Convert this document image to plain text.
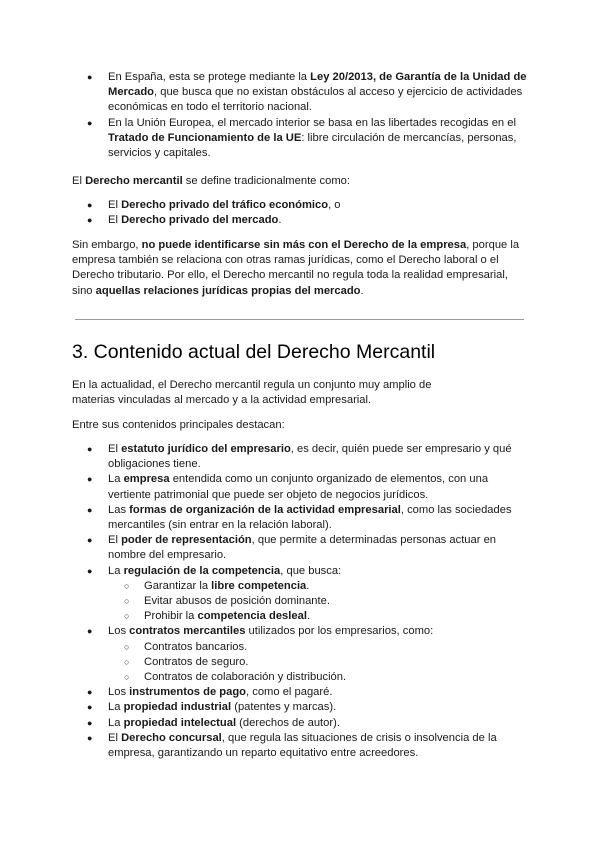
● En España, esta se protege mediante la Ley 20/2013, de Garantía de la Unidad de Mercado, que busca que no existan obstáculos al acceso y ejercicio de actividades económicas en todo el territorio nacional.
● En la Unión Europea, el mercado interior se basa en las libertades recogidas en el Tratado de Funcionamiento de la UE: libre circulación de mercancías, personas, servicios y capitales.

El Derecho mercantil se define tradicionalmente como:

● El Derecho privado del tráfico económico, o
● El Derecho privado del mercado.

Sin embargo, no puede identificarse sin más con el Derecho de la empresa, porque la empresa también se relaciona con otras ramas jurídicas, como el Derecho laboral o el Derecho tributario. Por ello, el Derecho mercantil no regula toda la realidad empresarial, sino aquellas relaciones jurídicas propias del mercado.

3. Contenido actual del Derecho Mercantil

En la actualidad, el Derecho mercantil regula un conjunto muy amplio de materias vinculadas al mercado y a la actividad empresarial.

Entre sus contenidos principales destacan:

● El estatuto jurídico del empresario, es decir, quién puede ser empresario y qué obligaciones tiene.
● La empresa entendida como un conjunto organizado de elementos, con una vertiente patrimonial que puede ser objeto de negocios jurídicos.
● Las formas de organización de la actividad empresarial, como las sociedades mercantiles (sin entrar en la relación laboral).
● El poder de representación, que permite a determinadas personas actuar en nombre del empresario.
● La regulación de la competencia, que busca:
○ Garantizar la libre competencia.
○ Evitar abusos de posición dominante.
○ Prohibir la competencia desleal.
● Los contratos mercantiles utilizados por los empresarios, como:
○ Contratos bancarios.
○ Contratos de seguro.
○ Contratos de colaboración y distribución.
● Los instrumentos de pago, como el pagaré.
● La propiedad industrial (patentes y marcas).
● La propiedad intelectual (derechos de autor).
● El Derecho concursal, que regula las situaciones de crisis o insolvencia de la empresa, garantizando un reparto equitativo entre acreedores.
